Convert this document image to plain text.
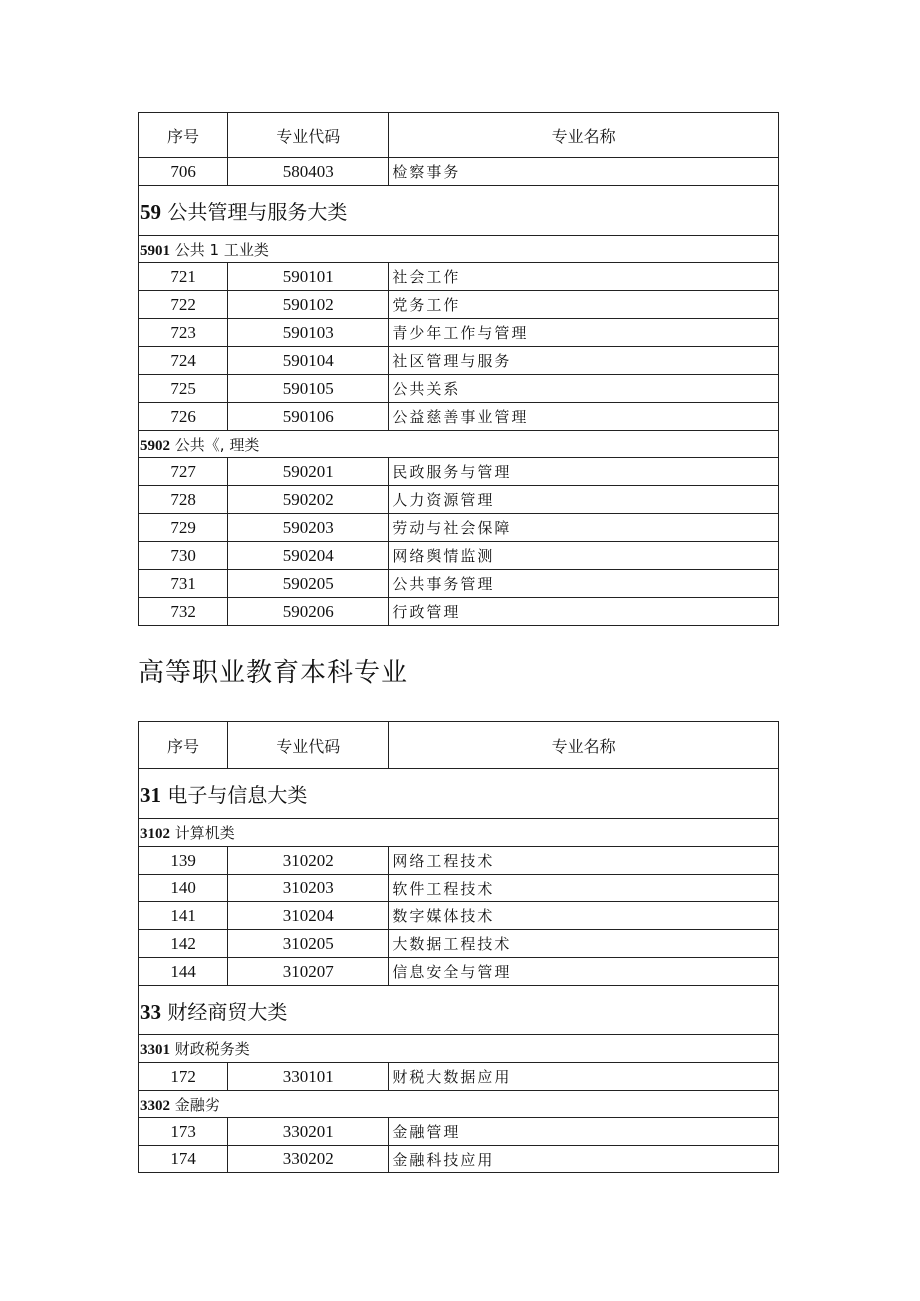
序号	专业代码	专业名称
706	580403	检察事务
59 公共管理与服务大类		
5901 公共 1 工业类		
721	590101	社会工作
722	590102	党务工作
723	590103	青少年工作与管理
724	590104	社区管理与服务
725	590105	公共关系
726	590106	公益慈善事业管理
5902 公共《, 理类		
727	590201	民政服务与管理
728	590202	人力资源管理
729	590203	劳动与社会保障
730	590204	网络舆情监测
731	590205	公共事务管理
732	590206	行政管理
高等职业教育本科专业
序号	专业代码	专业名称
31 电子与信息大类		
3102 计算机类		
139	310202	网络工程技术
140	310203	软件工程技术
141	310204	数字媒体技术
142	310205	大数据工程技术
144	310207	信息安全与管理
33 财经商贸大类		
3301 财政税务类		
172	330101	财税大数据应用
3302 金融劣		
173	330201	金融管理
174	330202	金融科技应用
